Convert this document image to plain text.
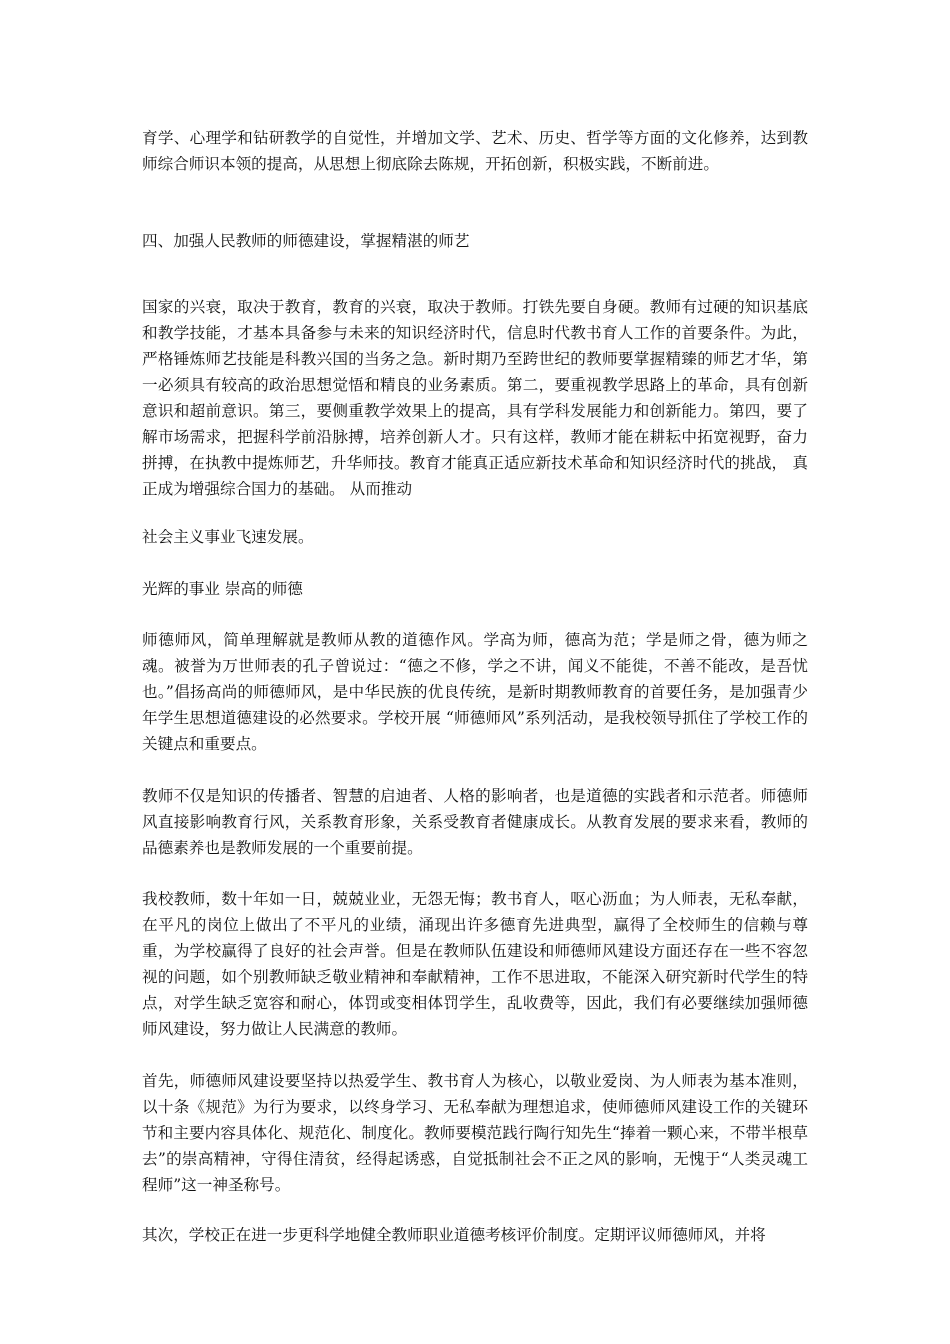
育学、心理学和钻研教学的自觉性，并增加文学、艺术、历史、哲学等方面的文化修养，达到教师综合师识本领的提高，从思想上彻底除去陈规，开拓创新，积极实践，不断前进。

四、加强人民教师的师德建设，掌握精湛的师艺

国家的兴衰，取决于教育，教育的兴衰，取决于教师。打铁先要自身硬。教师有过硬的知识基底和教学技能，才基本具备参与未来的知识经济时代，信息时代教书育人工作的首要条件。为此，严格锤炼师艺技能是科教兴国的当务之急。新时期乃至跨世纪的教师要掌握精臻的师艺才华，第一必须具有较高的政治思想觉悟和精良的业务素质。第二，要重视教学思路上的革命，具有创新意识和超前意识。第三，要侧重教学效果上的提高，具有学科发展能力和创新能力。第四，要了解市场需求，把握科学前沿脉搏，培养创新人才。只有这样，教师才能在耕耘中拓宽视野，奋力拼搏，在执教中提炼师艺，升华师技。教育才能真正适应新技术革命和知识经济时代的挑战， 真正成为增强综合国力的基础。 从而推动

社会主义事业飞速发展。

光辉的事业 崇高的师德

师德师风，简单理解就是教师从教的道德作风。学高为师，德高为范；学是师之骨，德为师之魂。被誉为万世师表的孔子曾说过：“德之不修，学之不讲，闻义不能徙，不善不能改，是吾忧也。”倡扬高尚的师德师风，是中华民族的优良传统，是新时期教师教育的首要任务，是加强青少年学生思想道德建设的必然要求。学校开展 “师德师风”系列活动，是我校领导抓住了学校工作的关键点和重要点。

教师不仅是知识的传播者、智慧的启迪者、人格的影响者，也是道德的实践者和示范者。师德师风直接影响教育行风，关系教育形象，关系受教育者健康成长。从教育发展的要求来看，教师的品德素养也是教师发展的一个重要前提。

我校教师，数十年如一日，兢兢业业，无怨无悔；教书育人，呕心沥血；为人师表，无私奉献，在平凡的岗位上做出了不平凡的业绩，涌现出许多德育先进典型，赢得了全校师生的信赖与尊重，为学校赢得了良好的社会声誉。但是在教师队伍建设和师德师风建设方面还存在一些不容忽视的问题，如个别教师缺乏敬业精神和奉献精神，工作不思进取，不能深入研究新时代学生的特点，对学生缺乏宽容和耐心，体罚或变相体罚学生，乱收费等，因此，我们有必要继续加强师德师风建设，努力做让人民满意的教师。

首先，师德师风建设要坚持以热爱学生、教书育人为核心，以敬业爱岗、为人师表为基本准则，以十条《规范》为行为要求，以终身学习、无私奉献为理想追求，使师德师风建设工作的关键环节和主要内容具体化、规范化、制度化。教师要模范践行陶行知先生“捧着一颗心来，不带半根草去”的崇高精神，守得住清贫，经得起诱惑，自觉抵制社会不正之风的影响，无愧于“人类灵魂工程师”这一神圣称号。

其次，学校正在进一步更科学地健全教师职业道德考核评价制度。定期评议师德师风，并将
